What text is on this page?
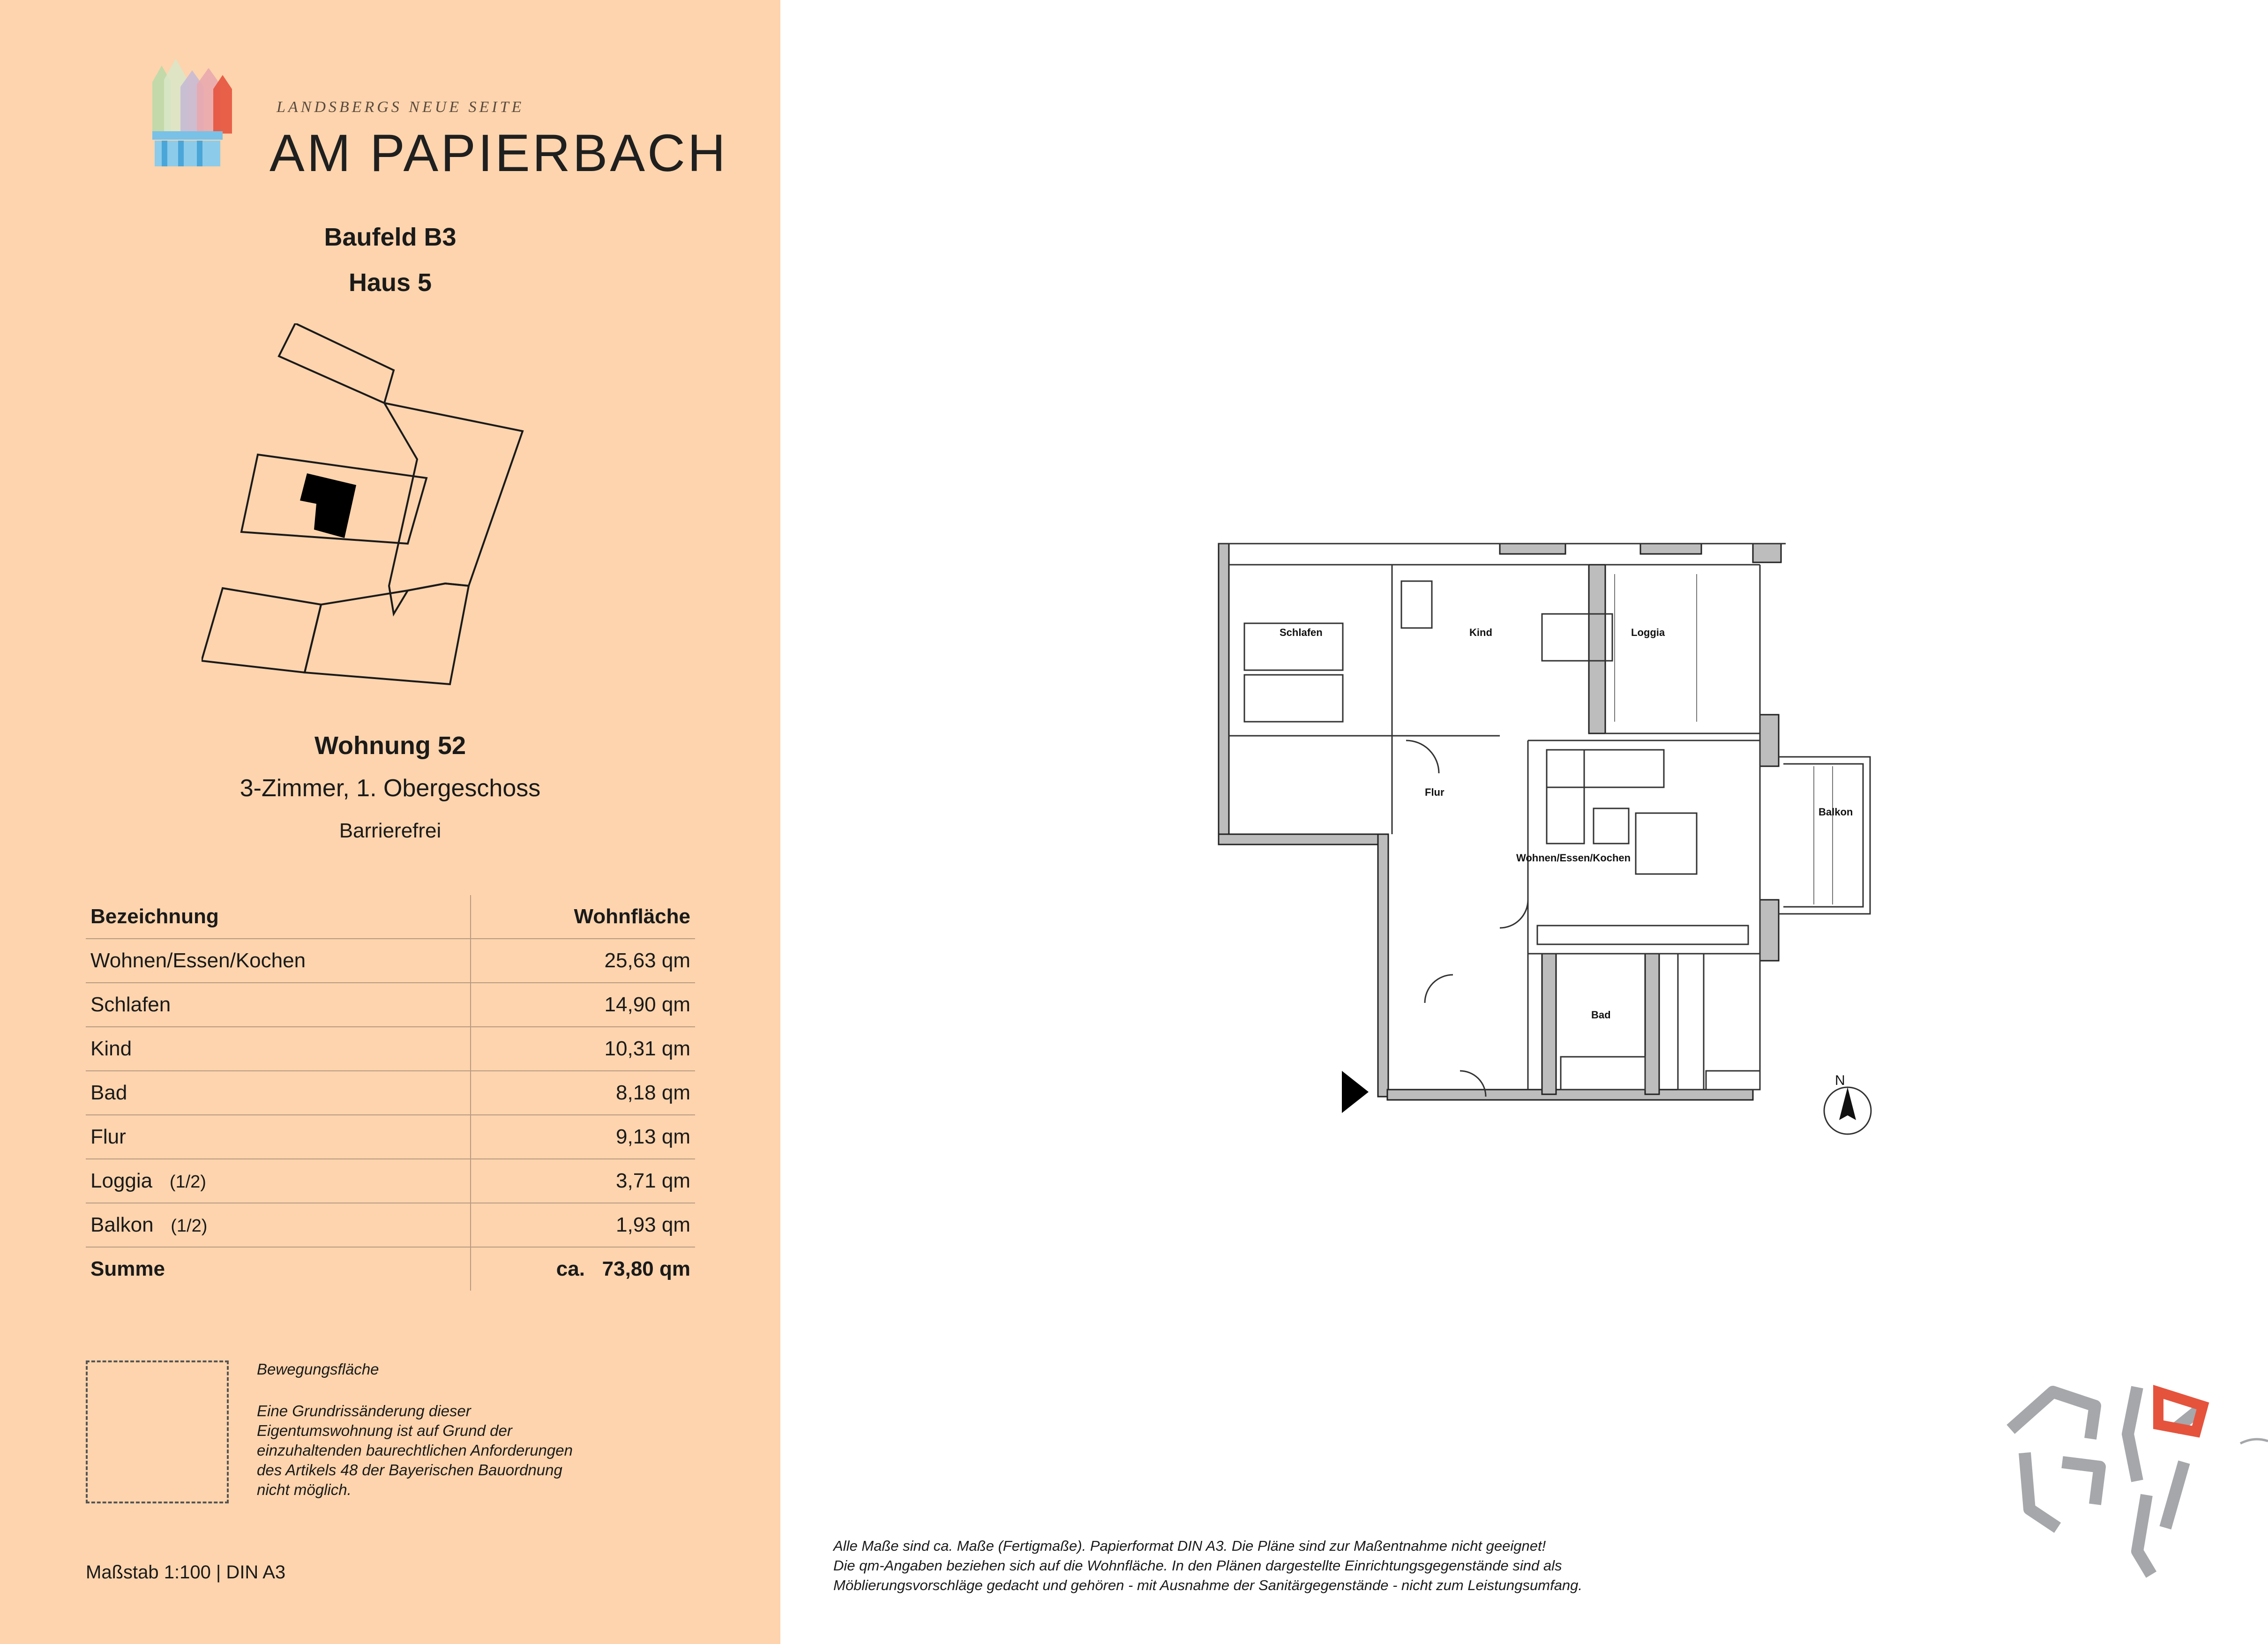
LANDSBERGS NEUE SEITE
AM PAPIERBACH
Baufeld B3
Haus 5
Wohnung 52
3-Zimmer, 1. Obergeschoss
Barrierefrei
Bezeichnung	Wohnfläche
Wohnen/Essen/Kochen	25,63 qm
Schlafen	14,90 qm
Kind	10,31 qm
Bad	8,18 qm
Flur	9,13 qm
Loggia (1/2)	3,71 qm
Balkon (1/2)	1,93 qm
Summe	ca. 73,80 qm
Bewegungsfläche
Eine Grundrissänderung dieser Eigentumswohnung ist auf Grund der einzuhaltenden baurechtlichen Anforderungen des Artikels 48 der Bayerischen Bauordnung nicht möglich.
Maßstab 1:100 | DIN A3
Schlafen	Kind	Loggia
Flur
Wohnen/Essen/Kochen
Balkon
Bad
N
Alle Maße sind ca. Maße (Fertigmaße). Papierformat DIN A3. Die Pläne sind zur Maßentnahme nicht geeignet!
Die qm-Angaben beziehen sich auf die Wohnfläche. In den Plänen dargestellte Einrichtungsgegenstände sind als
Möblierungsvorschläge gedacht und gehören - mit Ausnahme der Sanitärgegenstände - nicht zum Leistungsumfang.
